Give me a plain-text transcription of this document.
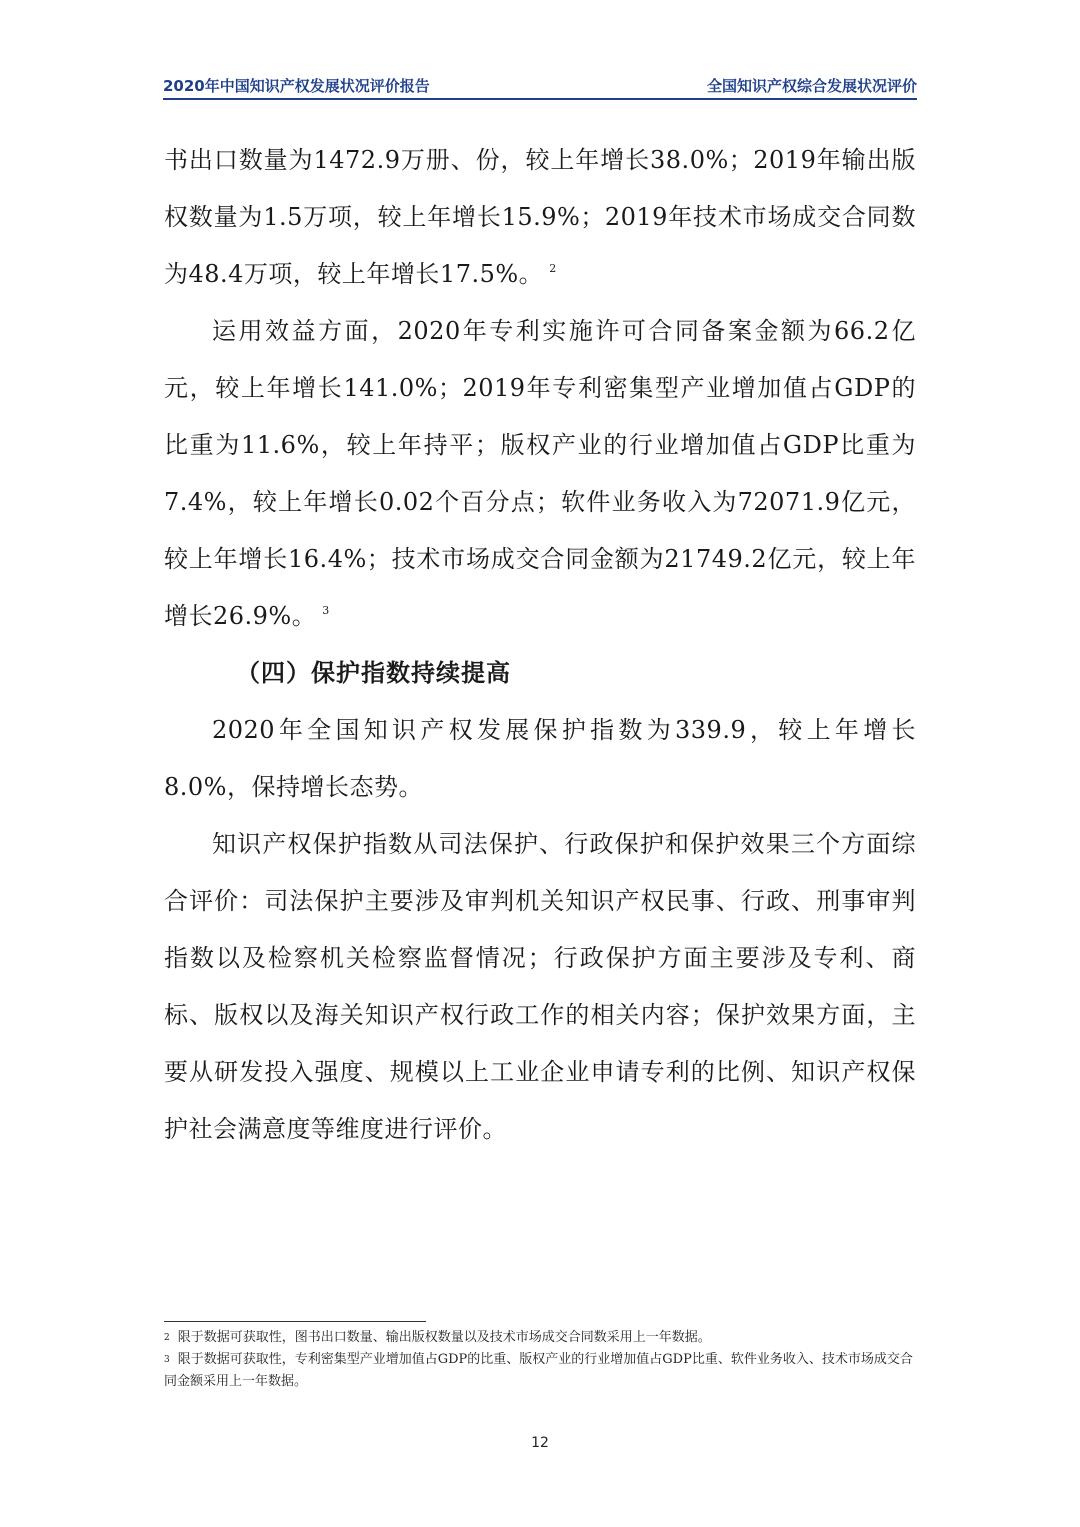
2020年中国知识产权发展状况评价报告	全国知识产权综合发展状况评价

书出口数量为1472.9万册、份，较上年增长38.0%；2019年输出版权数量为1.5万项，较上年增长15.9%；2019年技术市场成交合同数为48.4万项，较上年增长17.5%。 $^2$

运用效益方面，2020年专利实施许可合同备案金额为66.2亿元，较上年增长141.0%；2019年专利密集型产业增加值占GDP的比重为11.6%，较上年持平；版权产业的行业增加值占GDP比重为7.4%，较上年增长0.02个百分点；软件业务收入为72071.9亿元，较上年增长16.4%；技术市场成交合同金额为21749.2亿元，较上年增长26.9%。 $^3$

（四）保护指数持续提高

2020年全国知识产权发展保护指数为339.9，较上年增长8.0%，保持增长态势。

知识产权保护指数从司法保护、行政保护和保护效果三个方面综合评价：司法保护主要涉及审判机关知识产权民事、行政、刑事审判指数以及检察机关检察监督情况；行政保护方面主要涉及专利、商标、版权以及海关知识产权行政工作的相关内容；保护效果方面，主要从研发投入强度、规模以上工业企业申请专利的比例、知识产权保护社会满意度等维度进行评价。

$^2$ 限于数据可获取性，图书出口数量、输出版权数量以及技术市场成交合同数采用上一年数据。

$^3$ 限于数据可获取性，专利密集型产业增加值占GDP的比重、版权产业的行业增加值占GDP比重、软件业务收入、技术市场成交合同金额采用上一年数据。

12
